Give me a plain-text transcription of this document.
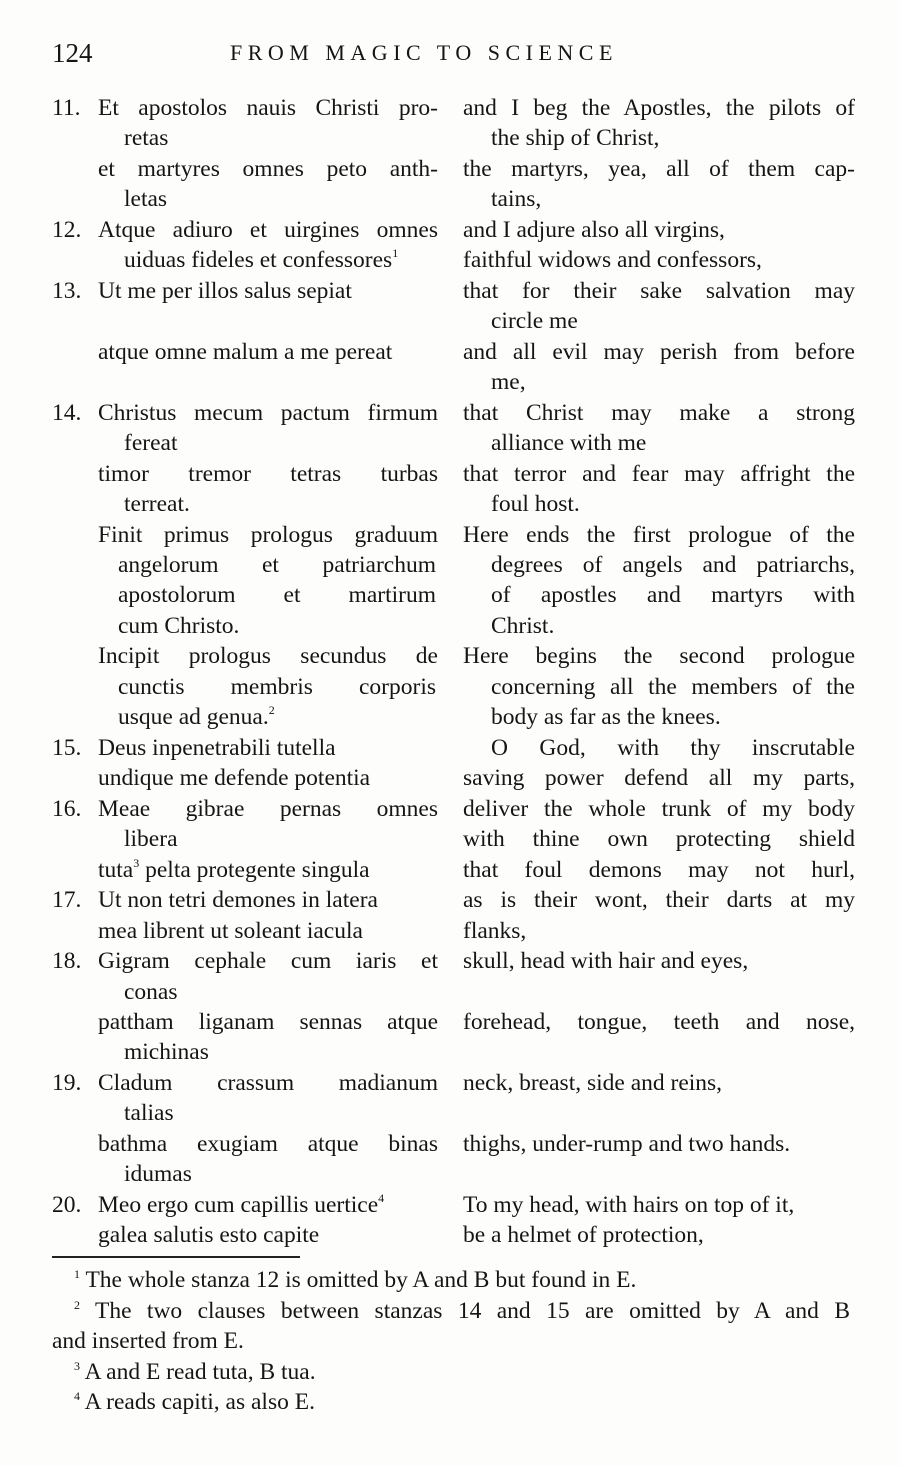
124	FROM MAGIC TO SCIENCE
11. Et apostolos nauis Christi pro-
retas
et martyres omnes peto anth-
letas
and I beg the Apostles, the pilots of
the ship of Christ,
the martyrs, yea, all of them cap-
tains,
12. Atque adiuro et uirgines omnes
uiduas fideles et confessores$^1$
and I adjure also all virgins,
faithful widows and confessors,
13. Ut me per illos salus sepiat
atque omne malum a me pereat
that for their sake salvation may
circle me
and all evil may perish from before
me,
14. Christus mecum pactum firmum
fereat
timor tremor tetras turbas
terreat.
that Christ may make a strong
alliance with me
that terror and fear may affright the
foul host.
Finit primus prologus graduum
angelorum et patriarchum
apostolorum et martirum
cum Christo.
Here ends the first prologue of the
degrees of angels and patriarchs,
of apostles and martyrs with
Christ.
Incipit prologus secundus de
cunctis membris corporis
usque ad genua.$^2$
Here begins the second prologue
concerning all the members of the
body as far as the knees.
15. Deus inpenetrabili tutella
undique me defende potentia
O God, with thy inscrutable
saving power defend all my parts,
16. Meae gibrae pernas omnes
libera
tuta$^3$ pelta protegente singula
deliver the whole trunk of my body
with thine own protecting shield
that foul demons may not hurl,
17. Ut non tetri demones in latera
mea librent ut soleant iacula
as is their wont, their darts at my
flanks,
18. Gigram cephale cum iaris et
conas
pattham liganam sennas atque
michinas
skull, head with hair and eyes,
forehead, tongue, teeth and nose,
19. Cladum crassum madianum
talias
bathma exugiam atque binas
idumas
neck, breast, side and reins,
thighs, under-rump and two hands.
20. Meo ergo cum capillis uertice$^4$
galea salutis esto capite
To my head, with hairs on top of it,
be a helmet of protection,
$^1$ The whole stanza 12 is omitted by A and B but found in E.
$^2$ The two clauses between stanzas 14 and 15 are omitted by A and B
and inserted from E.
$^3$ A and E read tuta, B tua.
$^4$ A reads capiti, as also E.
